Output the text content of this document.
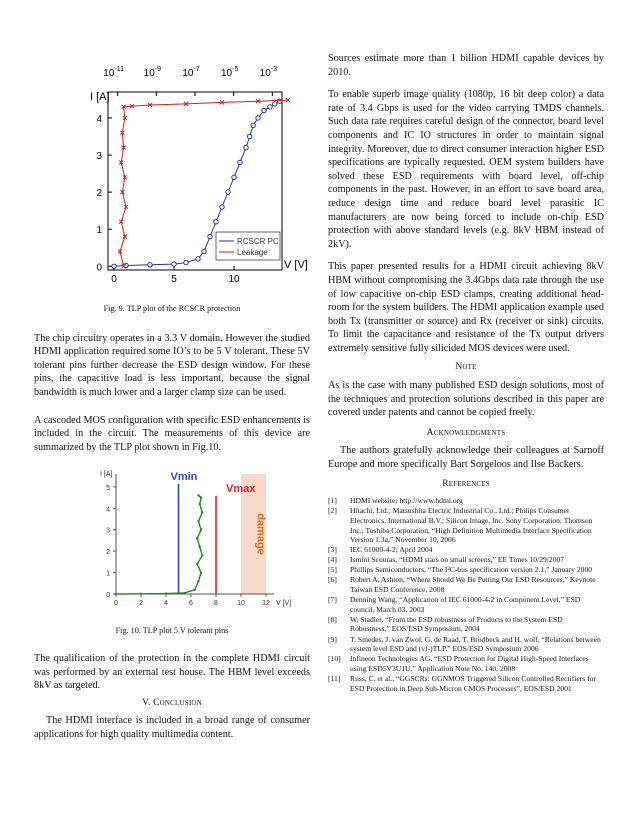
0	5	10
0
1
2
3
4
$10^{-11}$ $10^{-9}$ $10^{-7}$ $10^{-5}$ $10^{-3}$
I [A]
V [V]
RCSCR PC
Leakage

Fig. 9. TLP plot of the RCSCR protection

The chip circuitry operates in a 3.3 V domain. However the studied HDMI application required some IO’s to be 5 V tolerant. These 5V tolerant pins further decrease the ESD design window. For these pins, the capacitive load is less important, because the signal bandwidth is much lower and a larger clamp size can be used.

A cascoded MOS configuration with specific ESD enhancements is included in the circuit. The measurements of this device are summarized by the TLP plot shown in Fig.10.

0	2	4	6	8	10 12
0
1
2
3
4
5
I [A]
V [V]
Vmin
Vmax
damage

Fig. 10. TLP plot 5 V tolerant pins

The qualification of the protection in the complete HDMI circuit was performed by an external test house. The HBM level exceeds 8kV as targeted.

V. Conclusion

The HDMI interface is included in a broad range of consumer applications for high quality multimedia content.

Sources estimate more than 1 billion HDMI capable devices by 2010.

To enable superb image quality (1080p, 16 bit deep color) a data rate of 3.4 Gbps is used for the video carrying TMDS channels. Such data rate requires careful design of the connector, board level components and IC IO structures in order to maintain signal integrity. Moreover, due to direct consumer interaction higher ESD specifications are typically requested. OEM system builders have solved these ESD requirements with board level, off-chip components in the past. However, in an effort to save board area, reduce design time and reduce board level parasitic IC manufacturers are now being forced to include on-chip ESD protection with above standard levels (e.g. 8kV HBM instead of 2kV).

This paper presented results for a HDMI circuit achieving 8kV HBM without compromising the 3.4Gbps data rate through the use of low capacitive on-chip ESD clamps, creating additional head-room for the system builders. The HDMI application example used both Tx (transmitter or source) and Rx (receiver or sink) circuits. To limit the capacitance and resistance of the Tx output drivers extremely sensitive fully silicided MOS devices were used.

Note

As is the case with many published ESD design solutions, most of the techniques and protection solutions described in this paper are covered under patents and cannot be copied freely.

Acknowledgments

The authors gratefully acknowledge their colleagues at Sarnoff Europe and more specifically Bart Sorgeloos and Ilse Backers.

References

[1] HDMI website; http://www.hdmi.org
[2] Hitachi, Ltd.; Matsushita Electric Industrial Co., Ltd.; Philips Consumer Electronics, International B.V.; Silicon Image, Inc. Sony Corporation; Thomson Inc.; Toshiba Corporation, “High Definition Multimedia Interface Specification Version 1.3a,” November 10, 2006
[3] IEC 61000-4-2; April 2004
[4] Ismini Scouras, “HDMI stars on small screens,” EE Times 10/29/2007
[5] Phillips Semiconductors, “The I²C-bus specification version 2.1,” January 2000
[6] Robert A. Ashton, “Where Should We Be Putting Our ESD Resources,” Keynote Taiwan ESD Conference, 2008
[7] Denning Wang, “Application of IEC 61000-4-2 in Component Level,” ESD council, March 03, 2003
[8] W. Stadler, “From the ESD robustness of Products to the System ESD Robustness,” EOS/ESD Symposium, 2004
[9] T. Smedes, J. van Zwol, G. de Raad, T. Brodbeck and H. wolf, “Relations between system level ESD and (vf-)TLP,” EOS/ESD Symposium 2006
[10] Infineon Technologies AG, “ESD Protection for Digital High-Speed Interfaces using ESD5V3U1U,” Application Note No. 140, 2008
[11] Russ, C. et al., “GGSCRs: GGNMOS Triggered Silicon Controlled Rectifiers for ESD Protection in Deep Sub-Micron CMOS Processes”, EOS/ESD 2001
